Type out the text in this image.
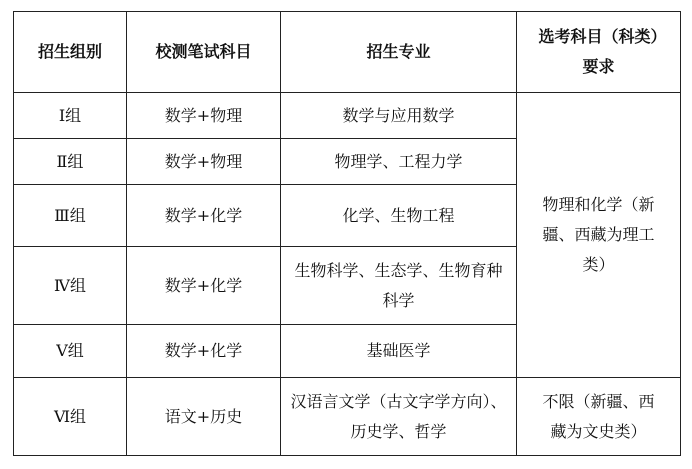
招生组别	校测笔试科目	招生专业	选考科目（科类）要求
Ⅰ组	数学+物理	数学与应用数学	物理和化学（新疆、西藏为理工类）
Ⅱ组	数学+物理	物理学、工程力学	
Ⅲ组	数学+化学	化学、生物工程	
Ⅳ组	数学+化学	生物科学、生态学、生物育种科学	
Ⅴ组	数学+化学	基础医学	
Ⅵ组	语文+历史	汉语言文学（古文字学方向）、历史学、哲学	不限（新疆、西藏为文史类）
